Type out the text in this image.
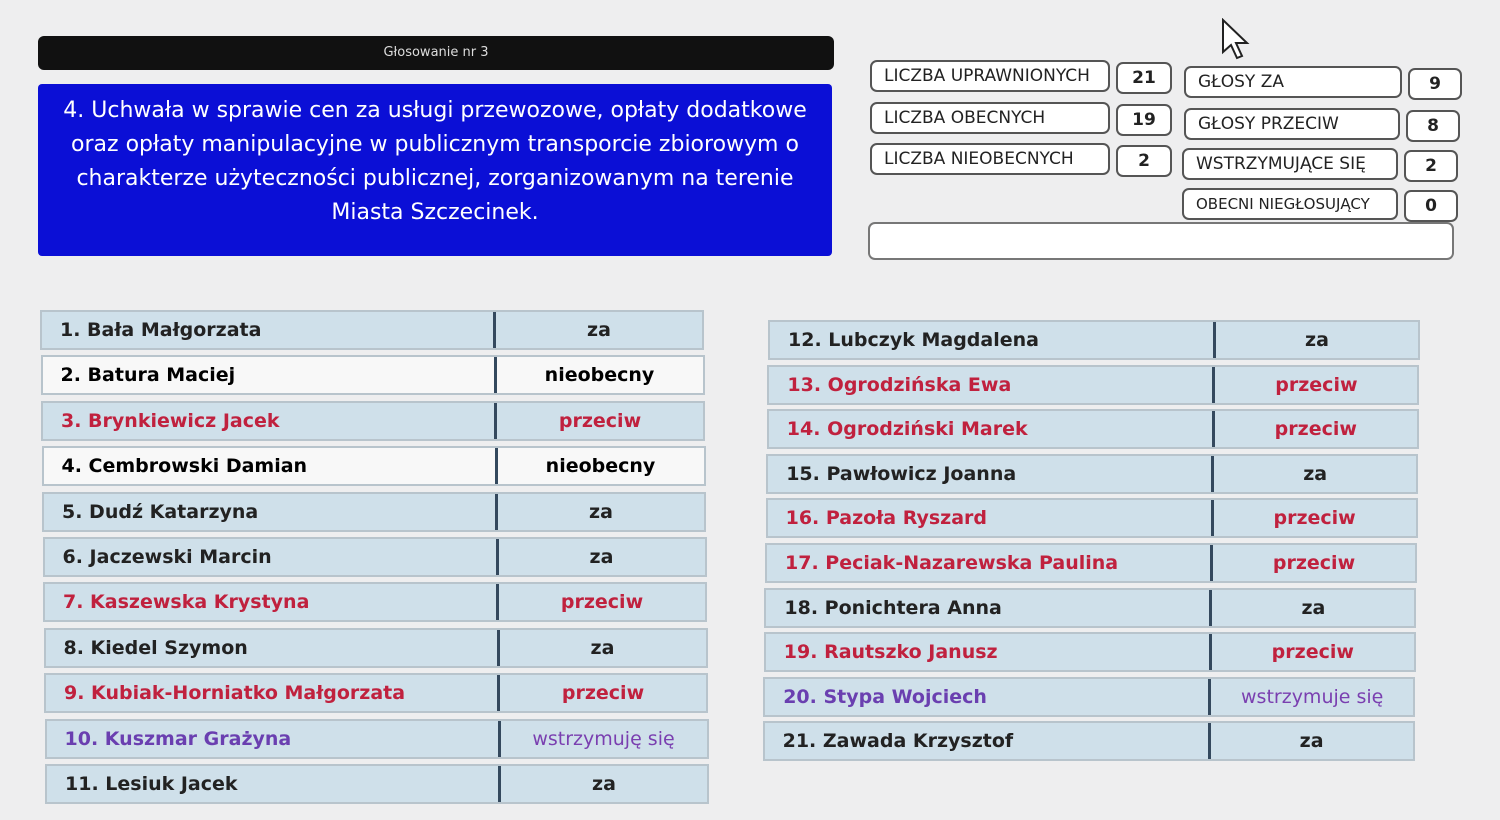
Głosowanie nr 3
4. Uchwała w sprawie cen za usługi przewozowe, opłaty dodatkowe oraz opłaty manipulacyjne w publicznym transporcie zbiorowym o charakterze użyteczności publicznej, zorganizowanym na terenie Miasta Szczecinek.
LICZBA UPRAWNIONYCH	21
LICZBA OBECNYCH	19
LICZBA NIEOBECNYCH	2
GŁOSY ZA	9
GŁOSY PRZECIW	8
WSTRZYMUJĄCE SIĘ	2
OBECNI NIEGŁOSUJĄCY	0
1. Bała Małgorzata	za
2. Batura Maciej	nieobecny
3. Brynkiewicz Jacek	przeciw
4. Cembrowski Damian	nieobecny
5. Dudź Katarzyna	za
6. Jaczewski Marcin	za
7. Kaszewska Krystyna	przeciw
8. Kiedel Szymon	za
9. Kubiak-Horniatko Małgorzata	przeciw
10. Kuszmar Grażyna	wstrzymuję się
11. Lesiuk Jacek	za
12. Lubczyk Magdalena	za
13. Ogrodzińska Ewa	przeciw
14. Ogrodziński Marek	przeciw
15. Pawłowicz Joanna	za
16. Pazoła Ryszard	przeciw
17. Peciak-Nazarewska Paulina	przeciw
18. Ponichtera Anna	za
19. Rautszko Janusz	przeciw
20. Stypa Wojciech	wstrzymuje się
21. Zawada Krzysztof	za
